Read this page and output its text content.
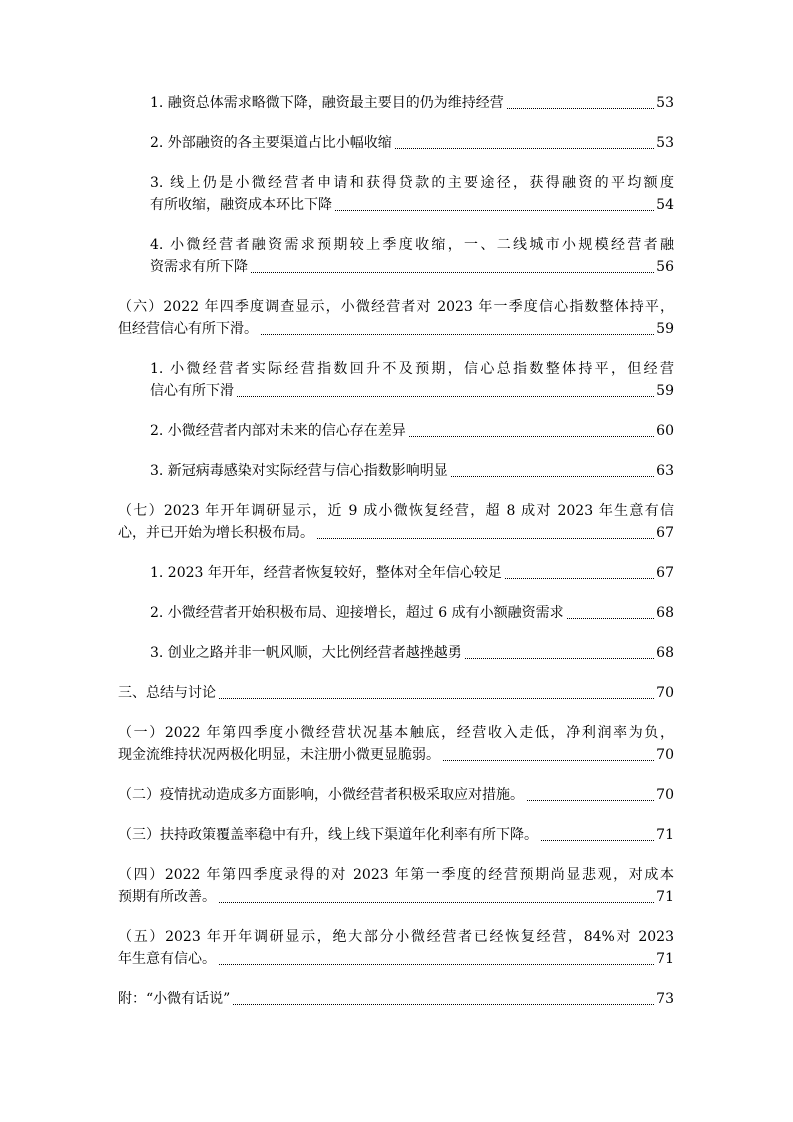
1. 融资总体需求略微下降，融资最主要目的仍为维持经营	53
2. 外部融资的各主要渠道占比小幅收缩	53
3. 线上仍是小微经营者申请和获得贷款的主要途径，获得融资的平均额度
有所收缩，融资成本环比下降	54
4. 小微经营者融资需求预期较上季度收缩，一、二线城市小规模经营者融
资需求有所下降	56
（六）2022 年四季度调查显示，小微经营者对 2023 年一季度信心指数整体持平，
但经营信心有所下滑。	59
1. 小微经营者实际经营指数回升不及预期，信心总指数整体持平，但经营
信心有所下滑	59
2. 小微经营者内部对未来的信心存在差异	60
3. 新冠病毒感染对实际经营与信心指数影响明显	63
（七）2023 年开年调研显示，近 9 成小微恢复经营，超 8 成对 2023 年生意有信
心，并已开始为增长积极布局。	67
1. 2023 年开年，经营者恢复较好，整体对全年信心较足	67
2. 小微经营者开始积极布局、迎接增长，超过 6 成有小额融资需求	68
3. 创业之路并非一帆风顺，大比例经营者越挫越勇	68
三、总结与讨论	70
（一）2022 年第四季度小微经营状况基本触底，经营收入走低，净利润率为负，
现金流维持状况两极化明显，未注册小微更显脆弱。	70
（二）疫情扰动造成多方面影响，小微经营者积极采取应对措施。	70
（三）扶持政策覆盖率稳中有升，线上线下渠道年化利率有所下降。	71
（四）2022 年第四季度录得的对 2023 年第一季度的经营预期尚显悲观，对成本
预期有所改善。	71
（五）2023 年开年调研显示，绝大部分小微经营者已经恢复经营，84%对 2023
年生意有信心。	71
附：“小微有话说”	73
